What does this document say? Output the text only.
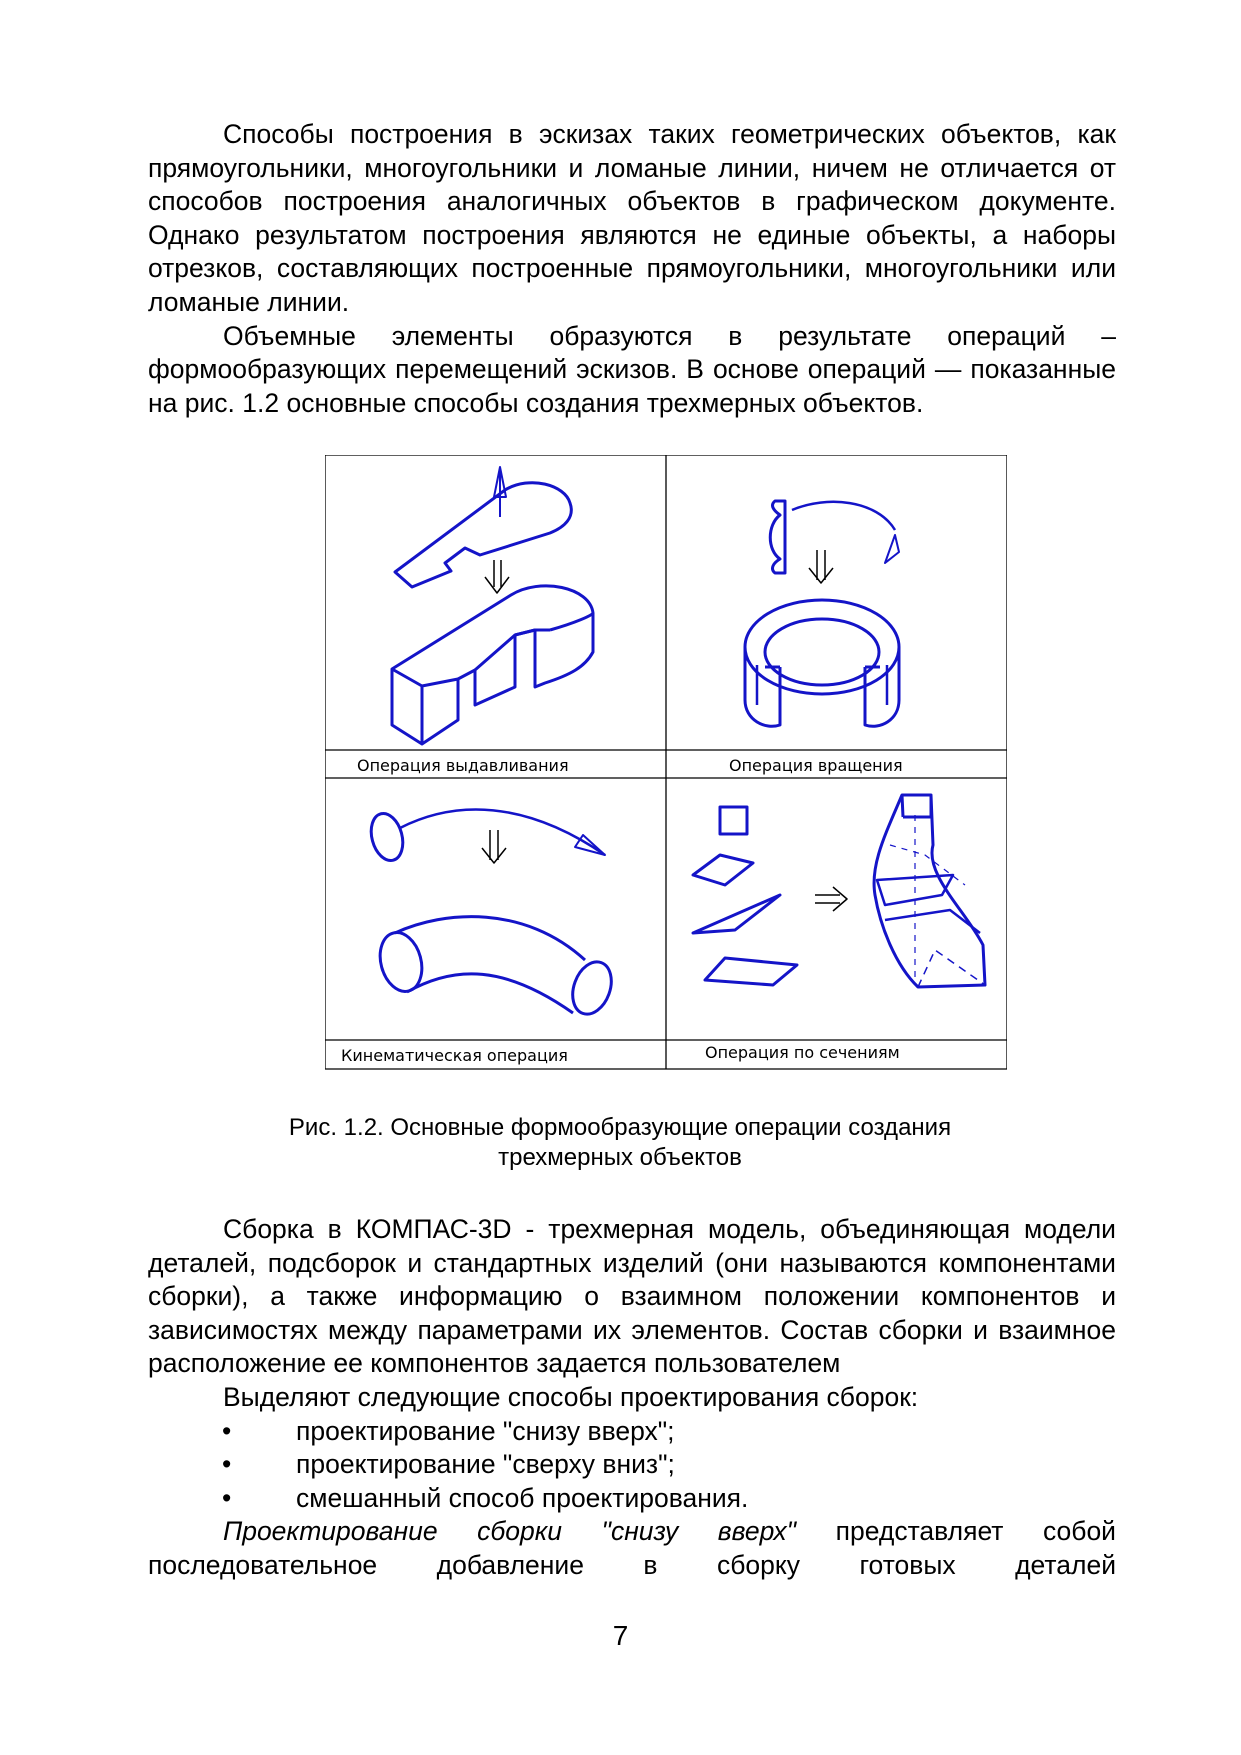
Способы построения в эскизах таких геометрических объектов, как прямоугольники, многоугольники и ломаные линии, ничем не отличается от способов построения аналогичных объектов в графическом документе. Однако результатом построения являются не единые объекты, а наборы отрезков, составляющих построенные прямоугольники, многоугольники или ломаные линии.

Объемные элементы образуются в результате операций – формообразующих перемещений эскизов. В основе операций — показанные на рис. 1.2 основные способы создания трехмерных объектов.

Операция выдавливания	Операция вращения
Кинематическая операция	Операция по сечениям
Рис. 1.2. Основные формообразующие операции создания
трехмерных объектов

Сборка в КОМПАС-3D - трехмерная модель, объединяющая модели деталей, подсборок и стандартных изделий (они называются компонентами сборки), а также информацию о взаимном положении компонентов и зависимостях между параметрами их элементов. Состав сборки и взаимное расположение ее компонентов задается пользователем

Выделяют следующие способы проектирования сборок:

• проектирование "снизу вверх";
• проектирование "сверху вниз";
• смешанный способ проектирования.

Проектирование сборки "снизу вверх" представляет собой последовательное добавление в сборку готовых деталей

7
